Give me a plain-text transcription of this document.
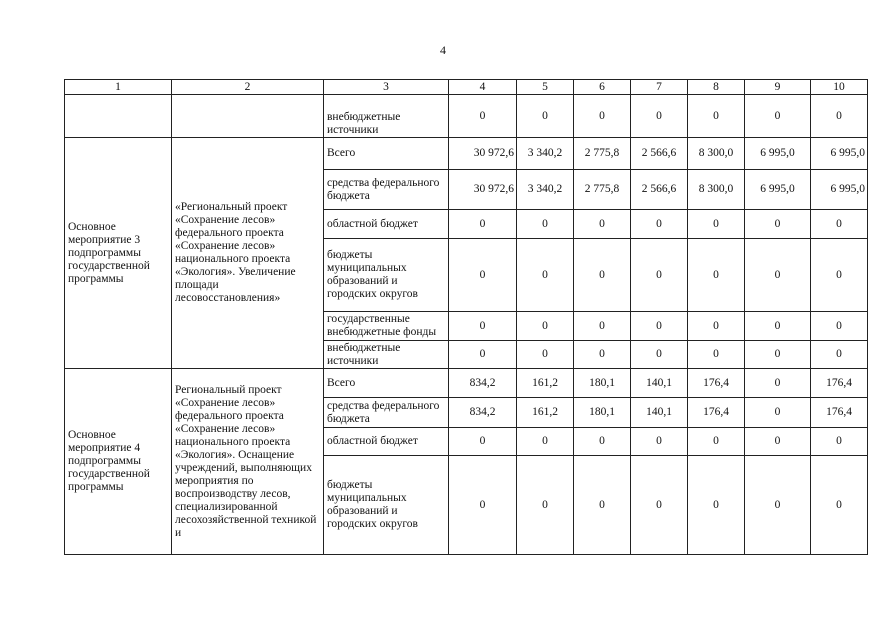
4
1	2	3	4	5	6	7	8	9	10
		внебюджетные источники	0	0	0	0	0	0	0
Основное мероприятие 3 подпрограммы государственной программы	«Региональный проект «Сохранение лесов» федерального проекта «Сохранение лесов» национального проекта «Экология». Увеличение площади лесовосстановления»	Всего	30 972,6	3 340,2	2 775,8	2 566,6	8 300,0	6 995,0	6 995,0
		средства федерального бюджета	30 972,6	3 340,2	2 775,8	2 566,6	8 300,0	6 995,0	6 995,0
		областной бюджет	0	0	0	0	0	0	0
		бюджеты муниципальных образований и городских округов	0	0	0	0	0	0	0
		государственные внебюджетные фонды	0	0	0	0	0	0	0
		внебюджетные источники	0	0	0	0	0	0	0
Основное мероприятие 4 подпрограммы государственной программы	Региональный проект «Сохранение лесов» федерального проекта «Сохранение лесов» национального проекта «Экология». Оснащение учреждений, выполняющих мероприятия по воспроизводству лесов, специализированной лесохозяйственной техникой и	Всего	834,2	161,2	180,1	140,1	176,4	0	176,4
		средства федерального бюджета	834,2	161,2	180,1	140,1	176,4	0	176,4
		областной бюджет	0	0	0	0	0	0	0
		бюджеты муниципальных образований и городских округов	0	0	0	0	0	0	0
